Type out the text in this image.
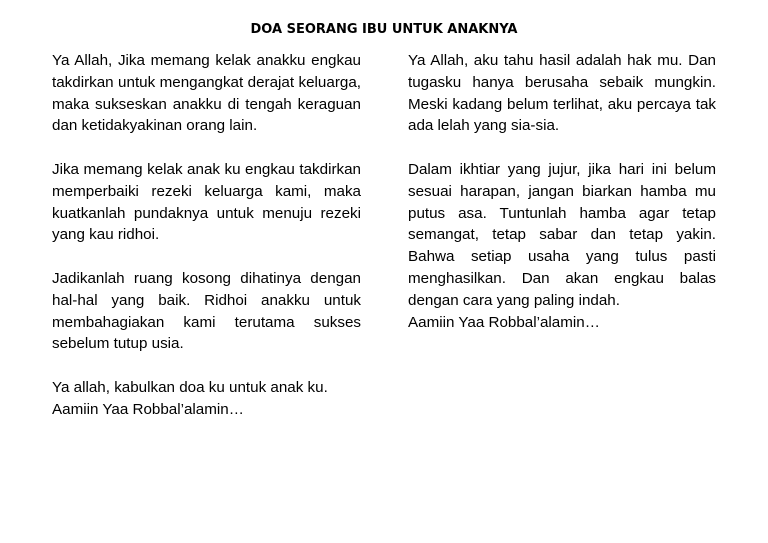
DOA SEORANG IBU UNTUK ANAKNYA

Ya Allah, Jika memang kelak anakku engkau takdirkan untuk mengangkat derajat keluarga, maka sukseskan anakku di tengah keraguan dan ketidakyakinan orang lain.

Jika memang kelak anak ku engkau takdirkan memperbaiki rezeki keluarga kami, maka kuatkanlah pundaknya untuk menuju rezeki yang kau ridhoi.

Jadikanlah ruang kosong dihatinya dengan hal-hal yang baik. Ridhoi anakku untuk membahagiakan kami terutama sukses sebelum tutup usia.

Ya allah, kabulkan doa ku untuk anak ku.
Aamiin Yaa Robbal’alamin…

Ya Allah, aku tahu hasil adalah hak mu. Dan tugasku hanya berusaha sebaik mungkin. Meski kadang belum terlihat, aku percaya tak ada lelah yang sia-sia.

Dalam ikhtiar yang jujur, jika hari ini belum sesuai harapan, jangan biarkan hamba mu putus asa. Tuntunlah hamba agar tetap semangat, tetap sabar dan tetap yakin. Bahwa setiap usaha yang tulus pasti menghasilkan. Dan akan engkau balas dengan cara yang paling indah.

Aamiin Yaa Robbal’alamin…
